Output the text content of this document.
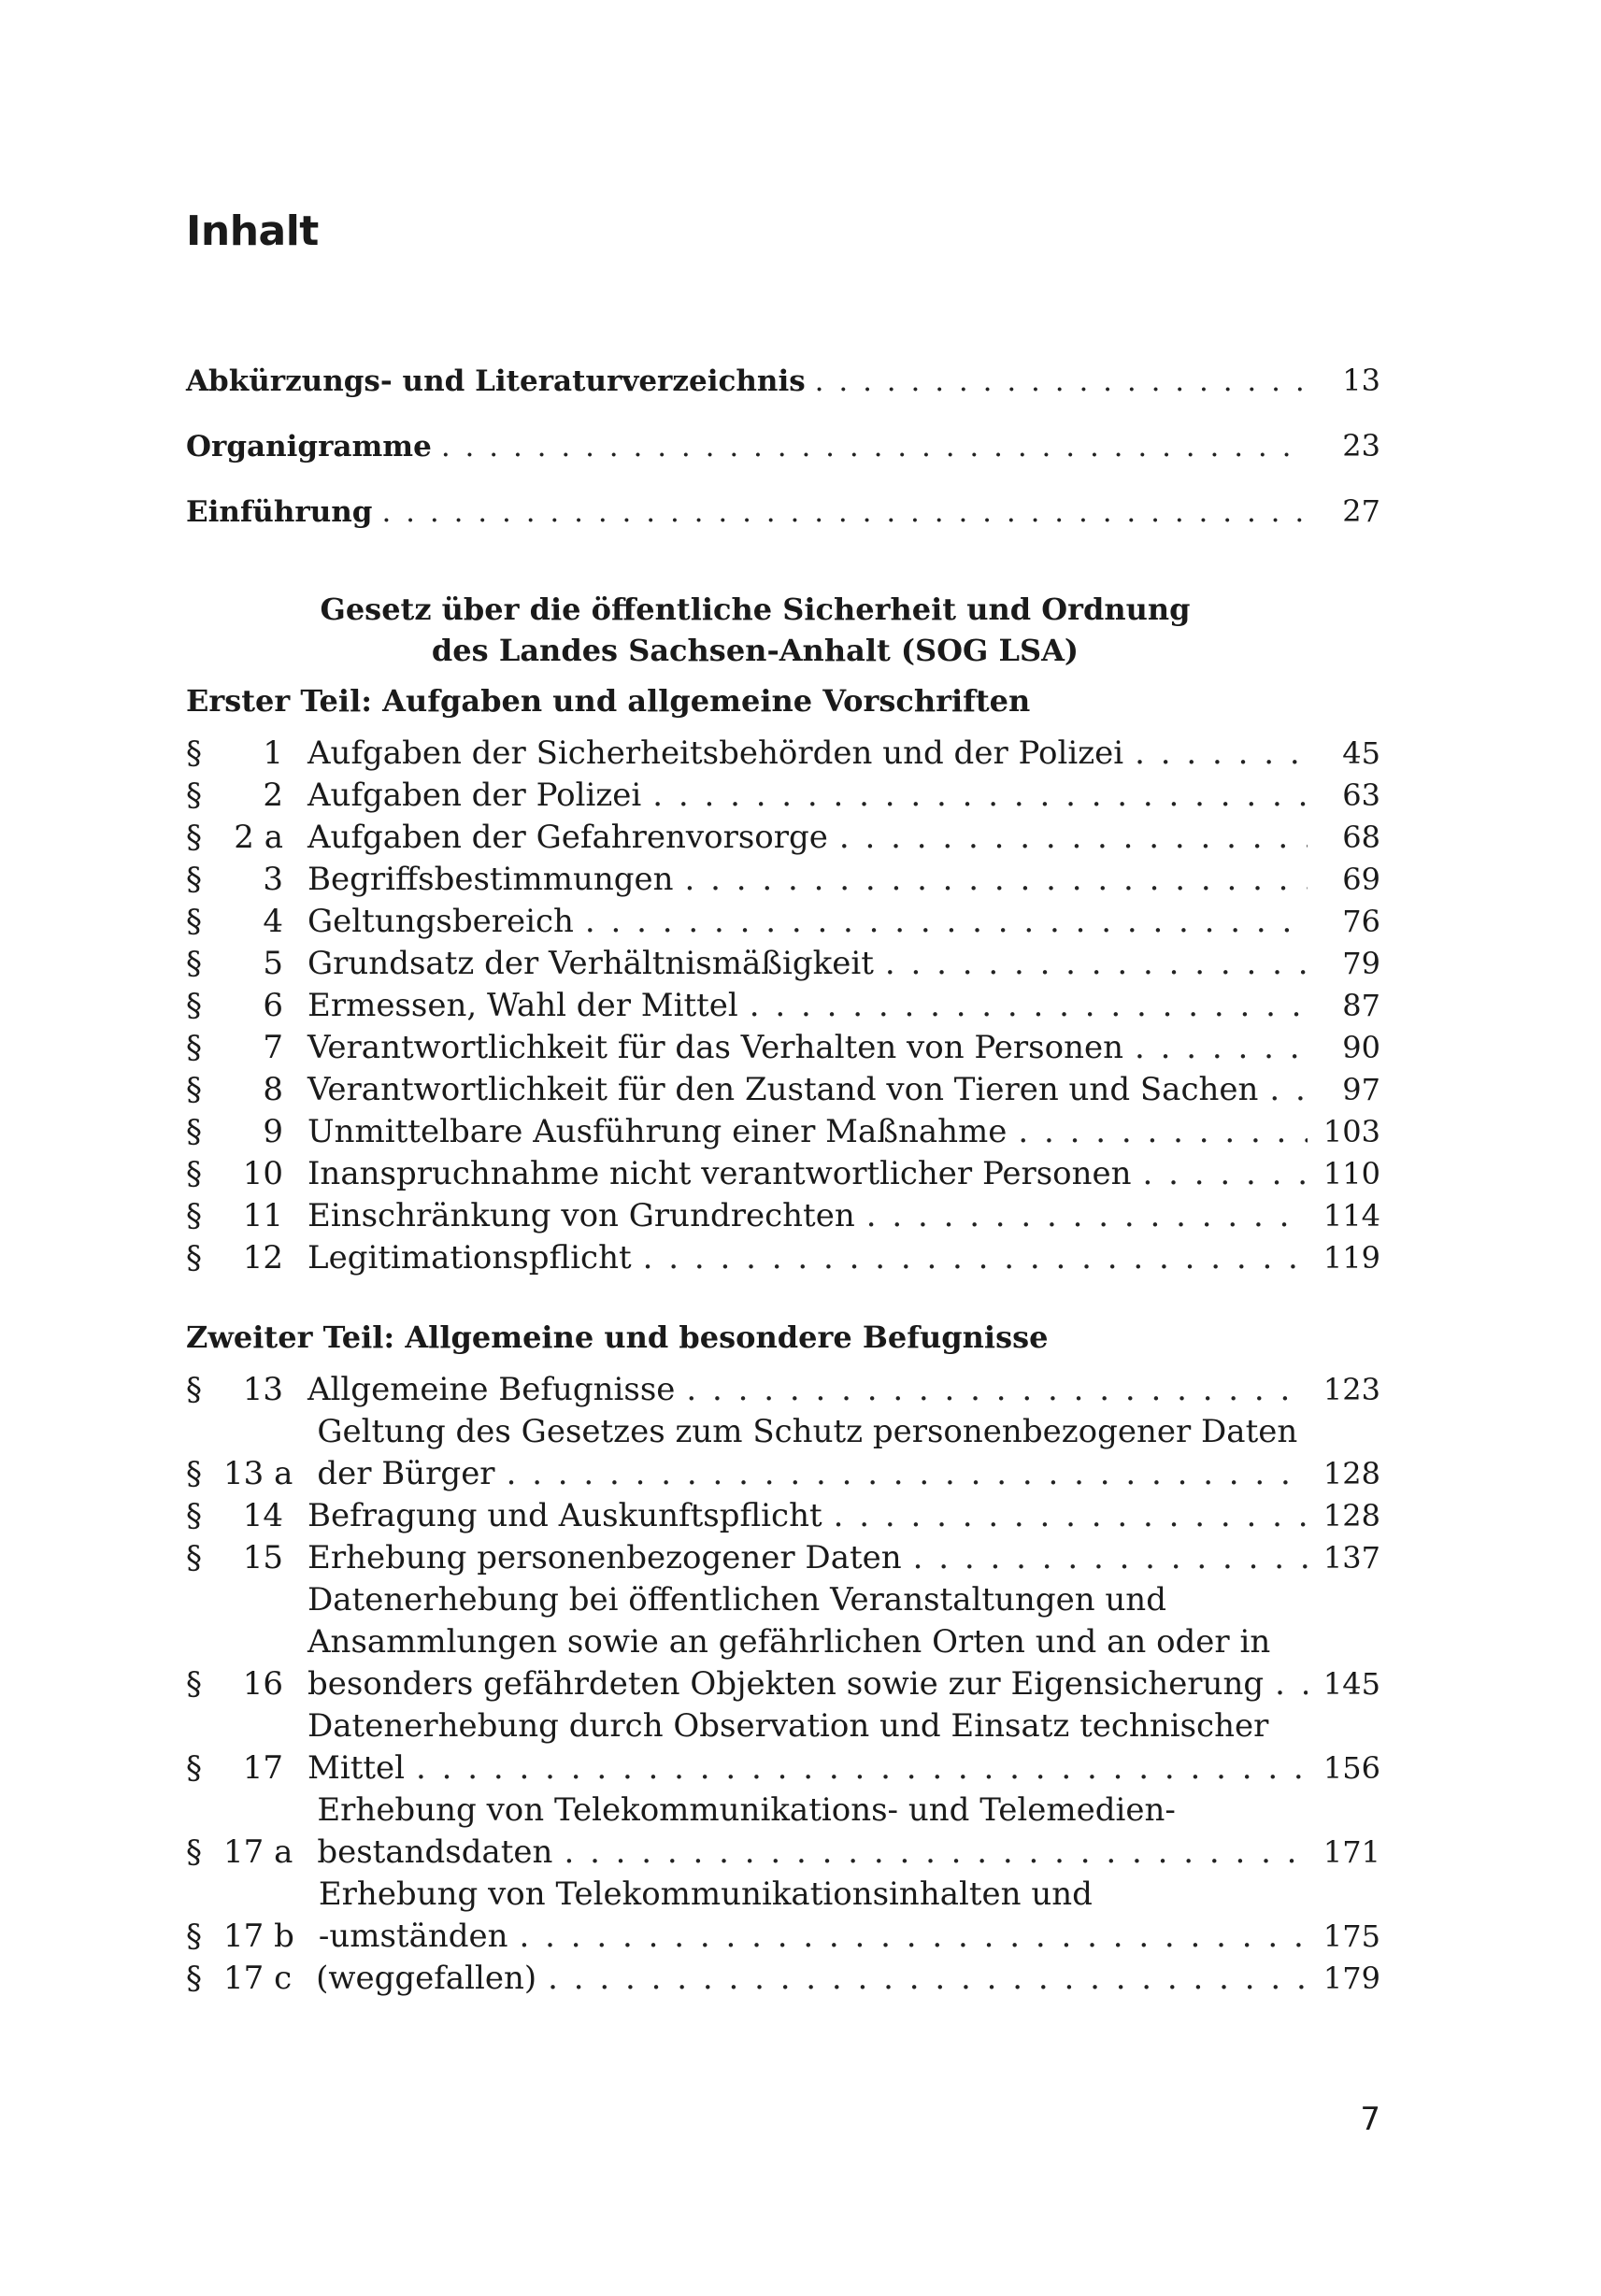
Inhalt
Abkürzungs- und Literaturverzeichnis . . .	13
Organigramme . . .	23
Einführung . . .	27
Gesetz über die öffentliche Sicherheit und Ordnung
des Landes Sachsen-Anhalt (SOG LSA)
Erster Teil: Aufgaben und allgemeine Vorschriften
§	1 Aufgaben der Sicherheitsbehörden und der Polizei . . .	45
§	2 Aufgaben der Polizei . . .	63
§	2 a Aufgaben der Gefahrenvorsorge . . .	68
§	3 Begriffsbestimmungen . . .	69
§	4 Geltungsbereich . . .	76
§	5 Grundsatz der Verhältnismäßigkeit . . .	79
§	6 Ermessen, Wahl der Mittel . . .	87
§	7 Verantwortlichkeit für das Verhalten von Personen . . .	90
§	8 Verantwortlichkeit für den Zustand von Tieren und Sachen . . .	97
§	9 Unmittelbare Ausführung einer Maßnahme . . .	103
§	10 Inanspruchnahme nicht verantwortlicher Personen . . .	110
§	11 Einschränkung von Grundrechten . . .	114
§	12 Legitimationspflicht . . .	119
Zweiter Teil: Allgemeine und besondere Befugnisse
§	13 Allgemeine Befugnisse . . .	123
§ 13 a
Geltung des Gesetzes zum Schutz personenbezogener Daten
der Bürger . . .	128
§	14 Befragung und Auskunftspflicht . . .	128
§	15 Erhebung personenbezogener Daten . . .	137
§	16
Datenerhebung bei öffentlichen Veranstaltungen und
Ansammlungen sowie an gefährlichen Orten und an oder in
besonders gefährdeten Objekten sowie zur Eigensicherung . . .	145
§	17
Datenerhebung durch Observation und Einsatz technischer
Mittel . . .	156
§ 17 a
Erhebung von Telekommunikations- und Telemedien-
bestandsdaten . . .	171
§ 17 b
Erhebung von Telekommunikationsinhalten und
-umständen . . .	175
§ 17 c (weggefallen) . . .	179
7
